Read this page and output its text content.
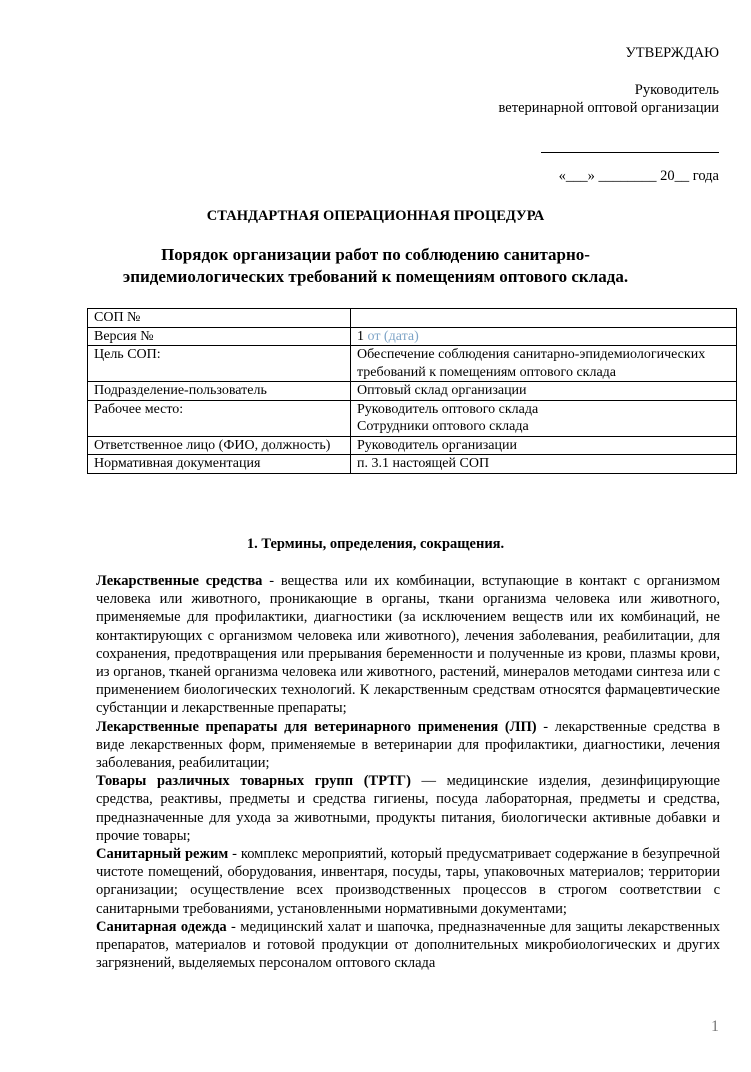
УТВЕРЖДАЮ
Руководитель
ветеринарной оптовой организации
«___» ________ 20__ года
СТАНДАРТНАЯ ОПЕРАЦИОННАЯ ПРОЦЕДУРА
Порядок организации работ по соблюдению санитарно-
эпидемиологических требований к помещениям оптового склада.
СОП №	
Версия №	1 от (дата)
Цель СОП:	Обеспечение соблюдения санитарно-эпидемиологических требований к помещениям оптового склада
Подразделение-пользователь	Оптовый склад организации
Рабочее место:	Руководитель оптового склада
Сотрудники оптового склада

Ответственное лицо (ФИО, должность)	Руководитель организации
Нормативная документация	п. 3.1 настоящей СОП
1. Термины, определения, сокращения.

Лекарственные средства - вещества или их комбинации, вступающие в контакт с организмом человека или животного, проникающие в органы, ткани организма человека или животного, применяемые для профилактики, диагностики (за исключением веществ или их комбинаций, не контактирующих с организмом человека или животного), лечения заболевания, реабилитации, для сохранения, предотвращения или прерывания беременности и полученные из крови, плазмы крови, из органов, тканей организма человека или животного, растений, минералов методами синтеза или с применением биологических технологий. К лекарственным средствам относятся фармацевтические субстанции и лекарственные препараты;

Лекарственные препараты для ветеринарного применения (ЛП) - лекарственные средства в виде лекарственных форм, применяемые в ветеринарии для профилактики, диагностики, лечения заболевания, реабилитации;

Товары различных товарных групп (ТРТГ) — медицинские изделия, дезинфицирующие средства, реактивы, предметы и средства гигиены, посуда лабораторная, предметы и средства, предназначенные для ухода за животными, продукты питания, биологически активные добавки и прочие товары;

Санитарный режим - комплекс мероприятий, который предусматривает содержание в безупречной чистоте помещений, оборудования, инвентаря, посуды, тары, упаковочных материалов; территории организации; осуществление всех производственных процессов в строгом соответствии с санитарными требованиями, установленными нормативными документами;

Санитарная одежда - медицинский халат и шапочка, предназначенные для защиты лекарственных препаратов, материалов и готовой продукции от дополнительных микробиологических и других загрязнений, выделяемых персоналом оптового склада

1
